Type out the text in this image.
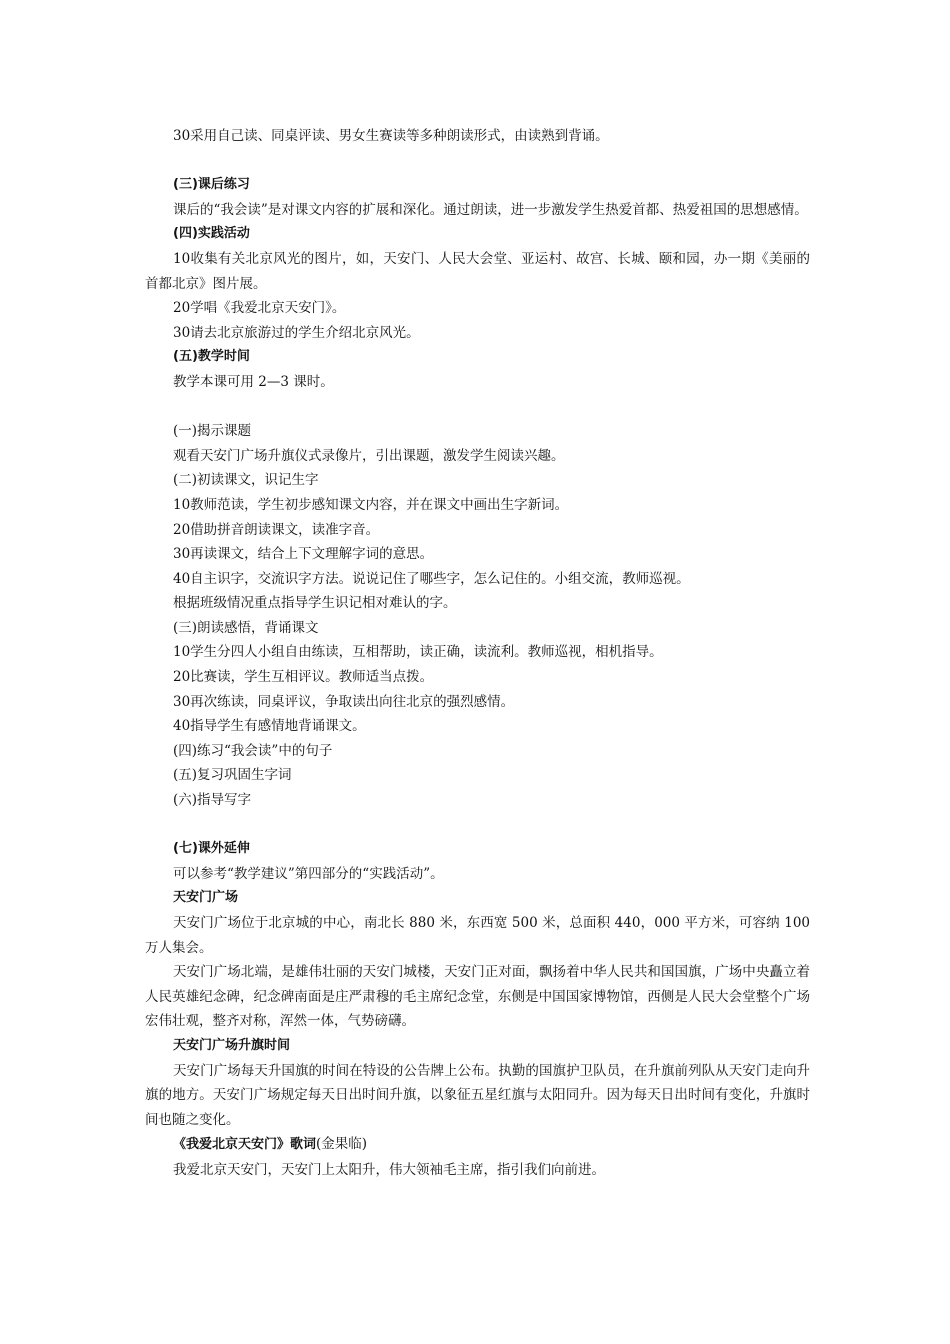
30采用自己读、同桌评读、男女生赛读等多种朗读形式，由读熟到背诵。

(三)课后练习

课后的“我会读”是对课文内容的扩展和深化。通过朗读，进一步激发学生热爱首都、热爱祖国的思想感情。

(四)实践活动

10收集有关北京风光的图片，如，天安门、人民大会堂、亚运村、故宫、长城、颐和园，办一期《美丽的首都北京》图片展。

20学唱《我爱北京天安门》。

30请去北京旅游过的学生介绍北京风光。

(五)教学时间

教学本课可用 2—3 课时。

(一)揭示课题

观看天安门广场升旗仪式录像片，引出课题，激发学生阅读兴趣。

(二)初读课文，识记生字

10教师范读，学生初步感知课文内容，并在课文中画出生字新词。

20借助拼音朗读课文，读准字音。

30再读课文，结合上下文理解字词的意思。

40自主识字，交流识字方法。说说记住了哪些字，怎么记住的。小组交流，教师巡视。

根据班级情况重点指导学生识记相对难认的字。

(三)朗读感悟，背诵课文

10学生分四人小组自由练读，互相帮助，读正确，读流利。教师巡视，相机指导。

20比赛读，学生互相评议。教师适当点拨。

30再次练读，同桌评议，争取读出向往北京的强烈感情。

40指导学生有感情地背诵课文。

(四)练习“我会读”中的句子

(五)复习巩固生字词

(六)指导写字

(七)课外延伸

可以参考“教学建议”第四部分的“实践活动”。

天安门广场

天安门广场位于北京城的中心，南北长 880 米，东西宽 500 米，总面积 440，000 平方米，可容纳 100 万人集会。

天安门广场北端，是雄伟壮丽的天安门城楼，天安门正对面，飘扬着中华人民共和国国旗，广场中央矗立着人民英雄纪念碑，纪念碑南面是庄严肃穆的毛主席纪念堂，东侧是中国国家博物馆，西侧是人民大会堂整个广场宏伟壮观，整齐对称，浑然一体，气势磅礴。

天安门广场升旗时间

天安门广场每天升国旗的时间在特设的公告牌上公布。执勤的国旗护卫队员，在升旗前列队从天安门走向升旗的地方。天安门广场规定每天日出时间升旗，以象征五星红旗与太阳同升。因为每天日出时间有变化，升旗时间也随之变化。

《我爱北京天安门》歌词(金果临)

我爱北京天安门，天安门上太阳升，伟大领袖毛主席，指引我们向前进。
